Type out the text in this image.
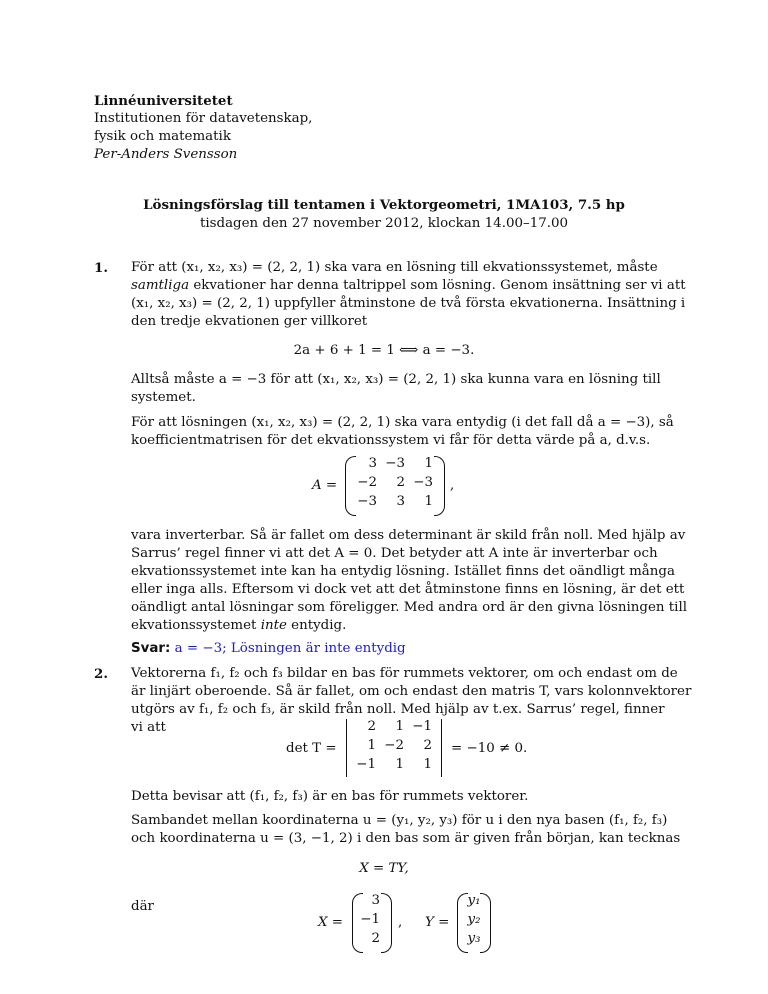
Linnéuniversitetet
Institutionen för datavetenskap,
fysik och matematik
Per-Anders Svensson
Lösningsförslag till tentamen i Vektorgeometri, 1MA103, 7.5 hp
tisdagen den 27 november 2012, klockan 14.00–17.00
1. För att (x₁, x₂, x₃) = (2, 2, 1) ska vara en lösning till ekvationssystemet, måste
samtliga ekvationer har denna taltrippel som lösning. Genom insättning ser vi att
(x₁, x₂, x₃) = (2, 2, 1) uppfyller åtminstone de två första ekvationerna. Insättning i
den tredje ekvationen ger villkoret
2a + 6 + 1 = 1 ⟺ a = −3.
Alltså måste a = −3 för att (x₁, x₂, x₃) = (2, 2, 1) ska kunna vara en lösning till
systemet.
För att lösningen (x₁, x₂, x₃) = (2, 2, 1) ska vara entydig (i det fall då a = −3), så
koefficientmatrisen för det ekvationssystem vi får för detta värde på a, d.v.s.
A =
3 −3	1
−2	2 −3
−3	3	1
,
vara inverterbar. Så är fallet om dess determinant är skild från noll. Med hjälp av
Sarrus’ regel finner vi att det A = 0. Det betyder att A inte är inverterbar och
ekvationssystemet inte kan ha entydig lösning. Istället finns det oändligt många
eller inga alls. Eftersom vi dock vet att det åtminstone finns en lösning, är det ett
oändligt antal lösningar som föreligger. Med andra ord är den givna lösningen till
ekvationssystemet inte entydig.
Svar: a = −3; Lösningen är inte entydig
2. Vektorerna f₁, f₂ och f₃ bildar en bas för rummets vektorer, om och endast om de
är linjärt oberoende. Så är fallet, om och endast den matris T, vars kolonnvektorer
utgörs av f₁, f₂ och f₃, är skild från noll. Med hjälp av t.ex. Sarrus’ regel, finner
vi att
det T =
2	1 −1
1 −2	2
−1	1	1
= −10 ≠ 0.
Detta bevisar att (f₁, f₂, f₃) är en bas för rummets vektorer.
Sambandet mellan koordinaterna u = (y₁, y₂, y₃) för u i den nya basen (f₁, f₂, f₃)
och koordinaterna u = (3, −1, 2) i den bas som är given från början, kan tecknas
X = TY,
där
X =
3
−1
2
, Y =
y₁
y₂
y₃
